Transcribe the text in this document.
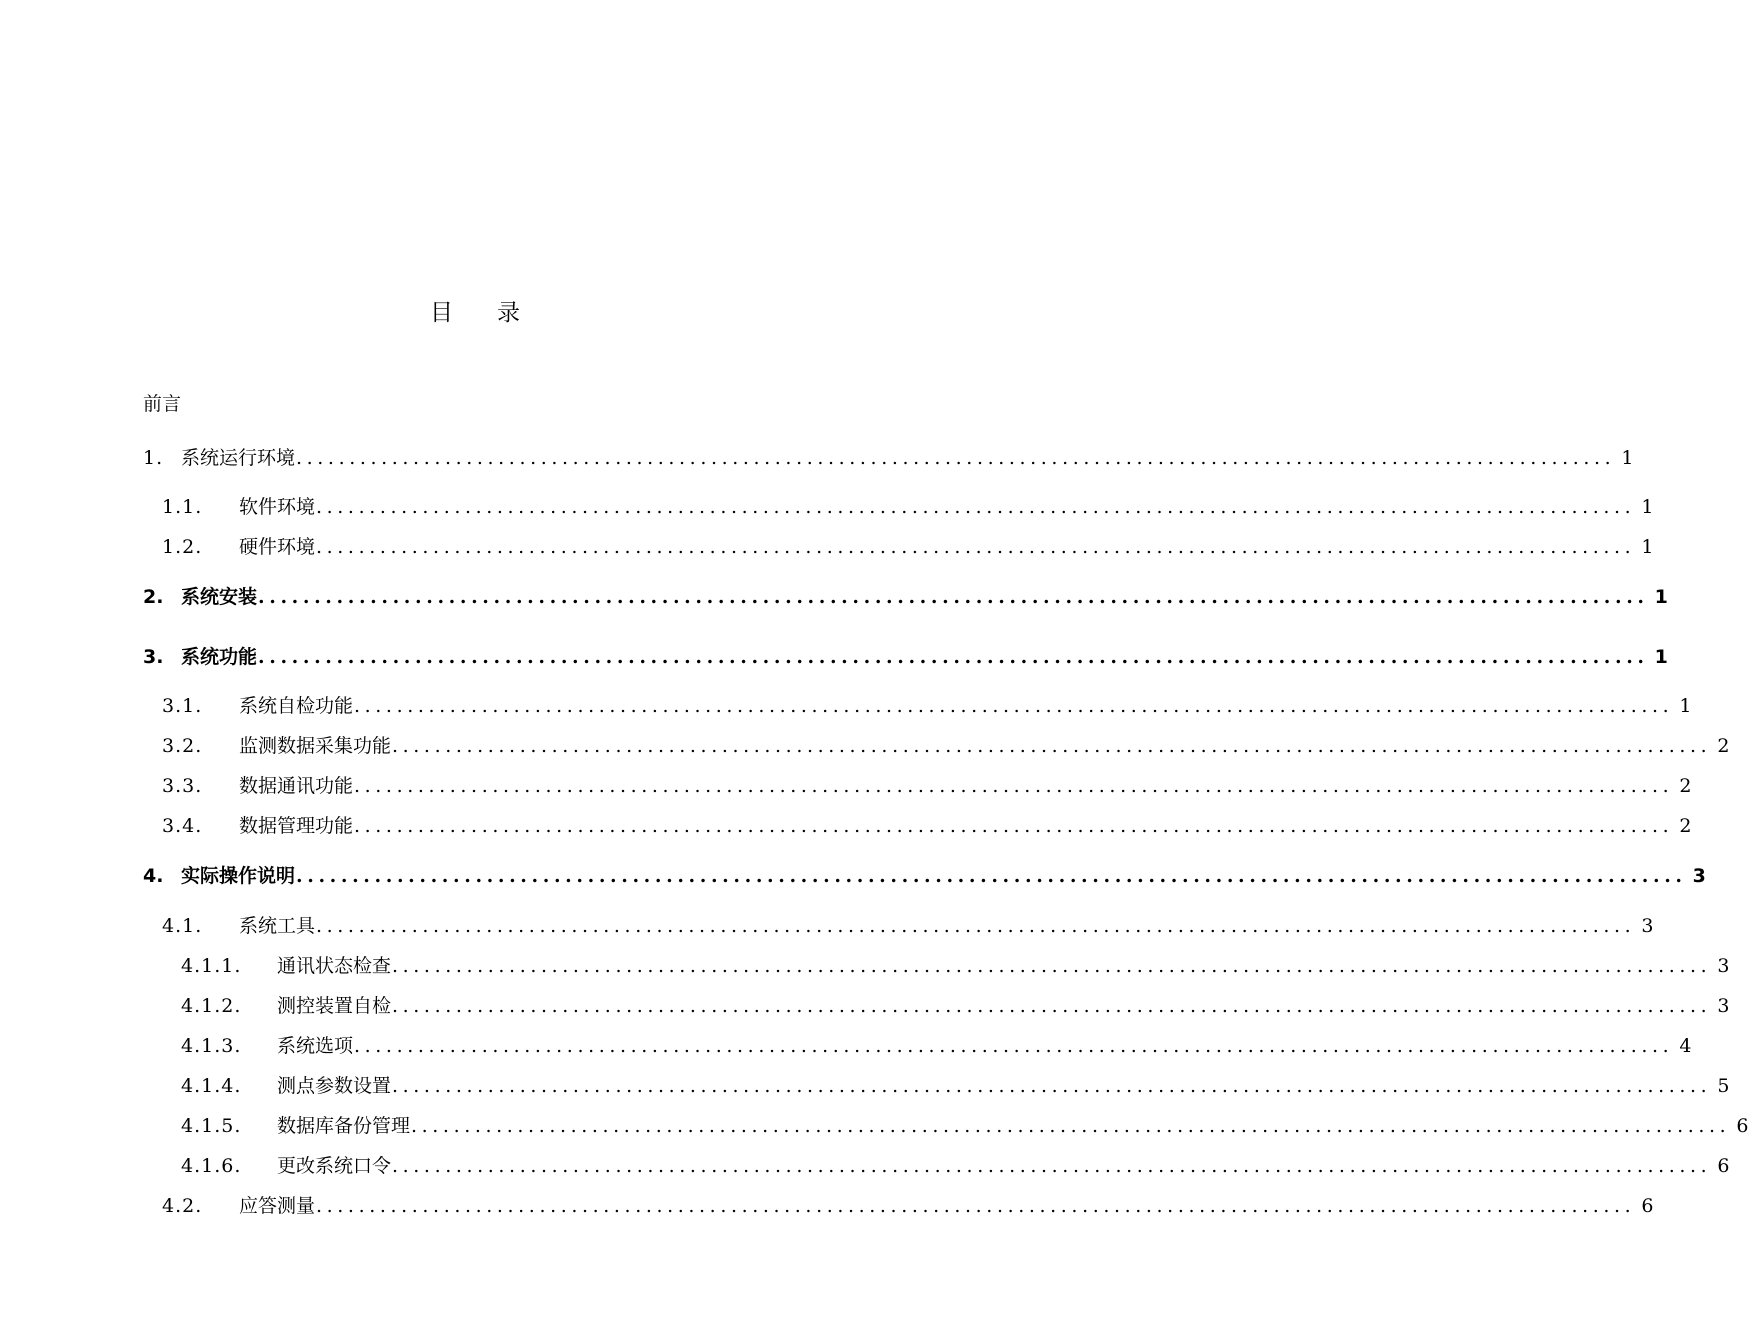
目 录
前言
1. 系统运行环境 ............................................................................................................................ 1
1.1. 软件环境 ............................................................................................................................ 1
1.2. 硬件环境 ............................................................................................................................ 1
2. 系统安装 ............................................................................................................................ 1
3. 系统功能 ............................................................................................................................ 1
3.1. 系统自检功能 ............................................................................................................................ 1
3.2. 监测数据采集功能 ............................................................................................................................ 2
3.3. 数据通讯功能 ............................................................................................................................ 2
3.4. 数据管理功能 ............................................................................................................................ 2
4. 实际操作说明 ............................................................................................................................ 3
4.1. 系统工具 ............................................................................................................................ 3
4.1.1. 通讯状态检查 ............................................................................................................................ 3
4.1.2. 测控装置自检 ............................................................................................................................ 3
4.1.3. 系统选项 ............................................................................................................................ 4
4.1.4. 测点参数设置 ............................................................................................................................ 5
4.1.5. 数据库备份管理 ............................................................................................................................ 6
4.1.6. 更改系统口令 ............................................................................................................................ 6
4.2. 应答测量 ............................................................................................................................ 6
